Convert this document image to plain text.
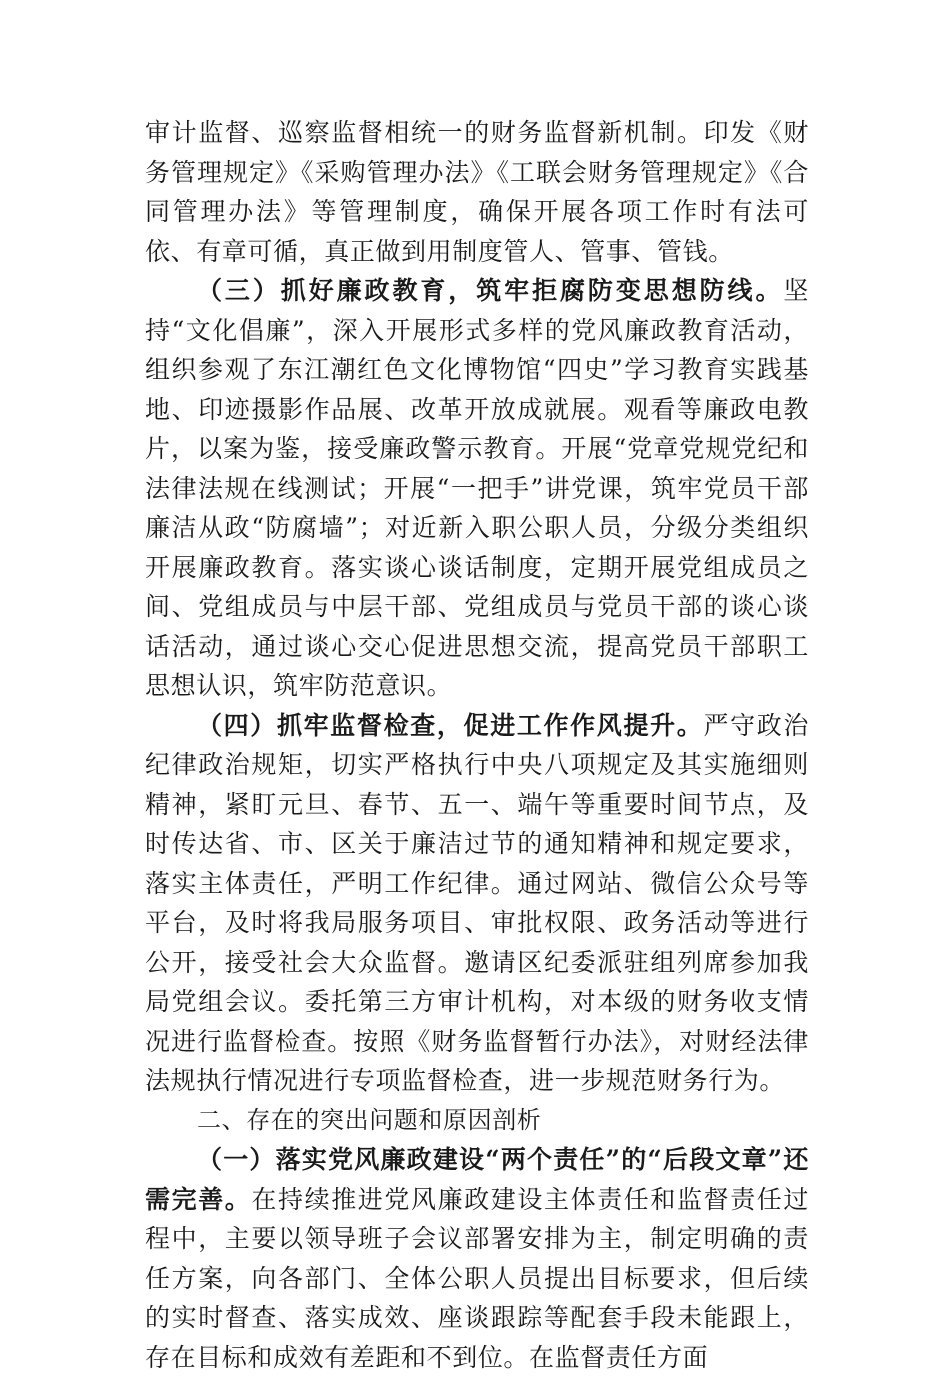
审计监督、巡察监督相统一的财务监督新机制。印发《财务管理规定》《采购管理办法》《工联会财务管理规定》《合同管理办法》等管理制度，确保开展各项工作时有法可依、有章可循，真正做到用制度管人、管事、管钱。

（三）抓好廉政教育，筑牢拒腐防变思想防线。坚持“文化倡廉”，深入开展形式多样的党风廉政教育活动，组织参观了东江潮红色文化博物馆“四史”学习教育实践基地、印迹摄影作品展、改革开放成就展。观看等廉政电教片，以案为鉴，接受廉政警示教育。开展“党章党规党纪和法律法规在线测试；开展“一把手”讲党课，筑牢党员干部廉洁从政“防腐墙”；对近新入职公职人员，分级分类组织开展廉政教育。落实谈心谈话制度，定期开展党组成员之间、党组成员与中层干部、党组成员与党员干部的谈心谈话活动，通过谈心交心促进思想交流，提高党员干部职工思想认识，筑牢防范意识。

（四）抓牢监督检查，促进工作作风提升。严守政治纪律政治规矩，切实严格执行中央八项规定及其实施细则精神，紧盯元旦、春节、五一、端午等重要时间节点，及时传达省、市、区关于廉洁过节的通知精神和规定要求，落实主体责任，严明工作纪律。通过网站、微信公众号等平台，及时将我局服务项目、审批权限、政务活动等进行公开，接受社会大众监督。邀请区纪委派驻组列席参加我局党组会议。委托第三方审计机构，对本级的财务收支情况进行监督检查。按照《财务监督暂行办法》，对财经法律法规执行情况进行专项监督检查，进一步规范财务行为。

二、存在的突出问题和原因剖析

（一）落实党风廉政建设“两个责任”的“后段文章”还需完善。在持续推进党风廉政建设主体责任和监督责任过程中，主要以领导班子会议部署安排为主，制定明确的责任方案，向各部门、全体公职人员提出目标要求，但后续的实时督查、落实成效、座谈跟踪等配套手段未能跟上，存在目标和成效有差距和不到位。在监督责任方面
